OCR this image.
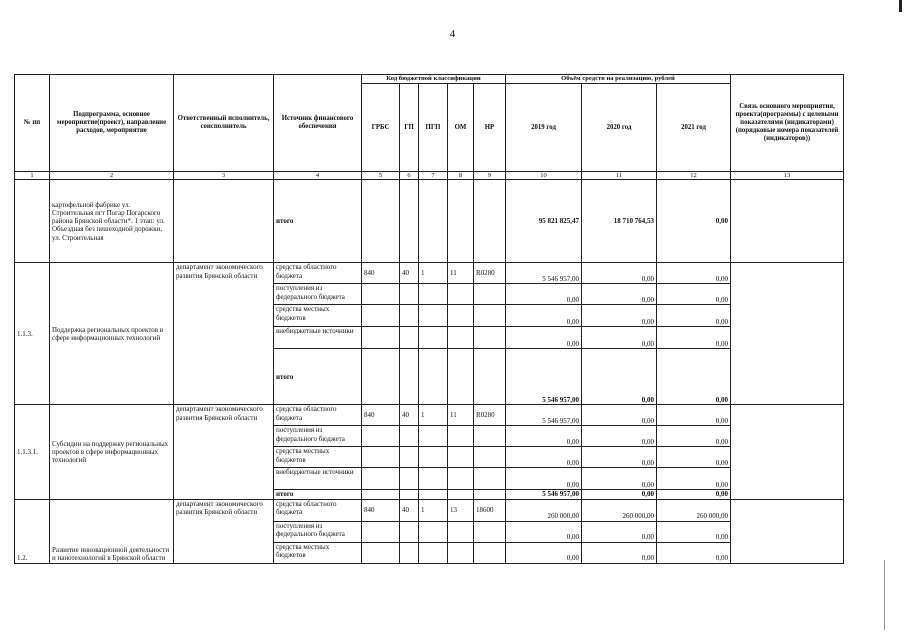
4
№ пп	Подпрограмма, основное мероприятие(проект), направление расходов, мероприятие	Ответственный исполнитель, соисполнитель	Источник финансового обеспечения	Код бюджетной классификации					Объём средств на реализацию, рублей			Связь основного мероприятия, проекта(программы) с целевыми показателями (индикаторами) (порядковые номера показателей (индикаторов))
				ГРБС	ГП	ПГП	ОМ	НР	2019 год	2020 год	2021 год	
1	2	3	4	5	6	7	8	9	10	11	12	13
	картофельной фабрике ул. Строительная пгт Погар Погарского района Брянской области*. 1 этап: ул. Объездная без пешеходной дорожки, ул. Строительная		итого						95 821 825,47	18 710 764,53	0,00	
1.1.3.	Поддержка региональных проектов в сфере информационных технологий	департамент экономического развития Брянской области	средства областного бюджета	840	40	1	11	R0280	5 546 957,00	0,00	0,00	
			поступления из федерального бюджета						0,00	0,00	0,00	
			средства местных бюджетов						0,00	0,00	0,00	
			внебюджетные источники						0,00	0,00	0,00	
			итого						5 546 957,00	0,00	0,00	
1.1.3.1.	Субсидии на поддержку региональных проектов в сфере информационных технологий	департамент экономического развития Брянской области	средства областного бюджета	840	40	1	11	R0280	5 546 957,00	0,00	0,00	
			поступления из федерального бюджета						0,00	0,00	0,00	
			средства местных бюджетов						0,00	0,00	0,00	
			внебюджетные источники						0,00	0,00	0,00	
			итого						5 546 957,00	0,00	0,00	
1.2.	Развитие инновационной деятельности и нанотехнологий в Брянской области	департамент экономического развития Брянской области	средства областного бюджета	840	40	1	13	18600	260 000,00	260 000,00	260 000,00	
			поступления из федерального бюджета						0,00	0,00	0,00	
			средства местных бюджетов						0,00	0,00	0,00	
